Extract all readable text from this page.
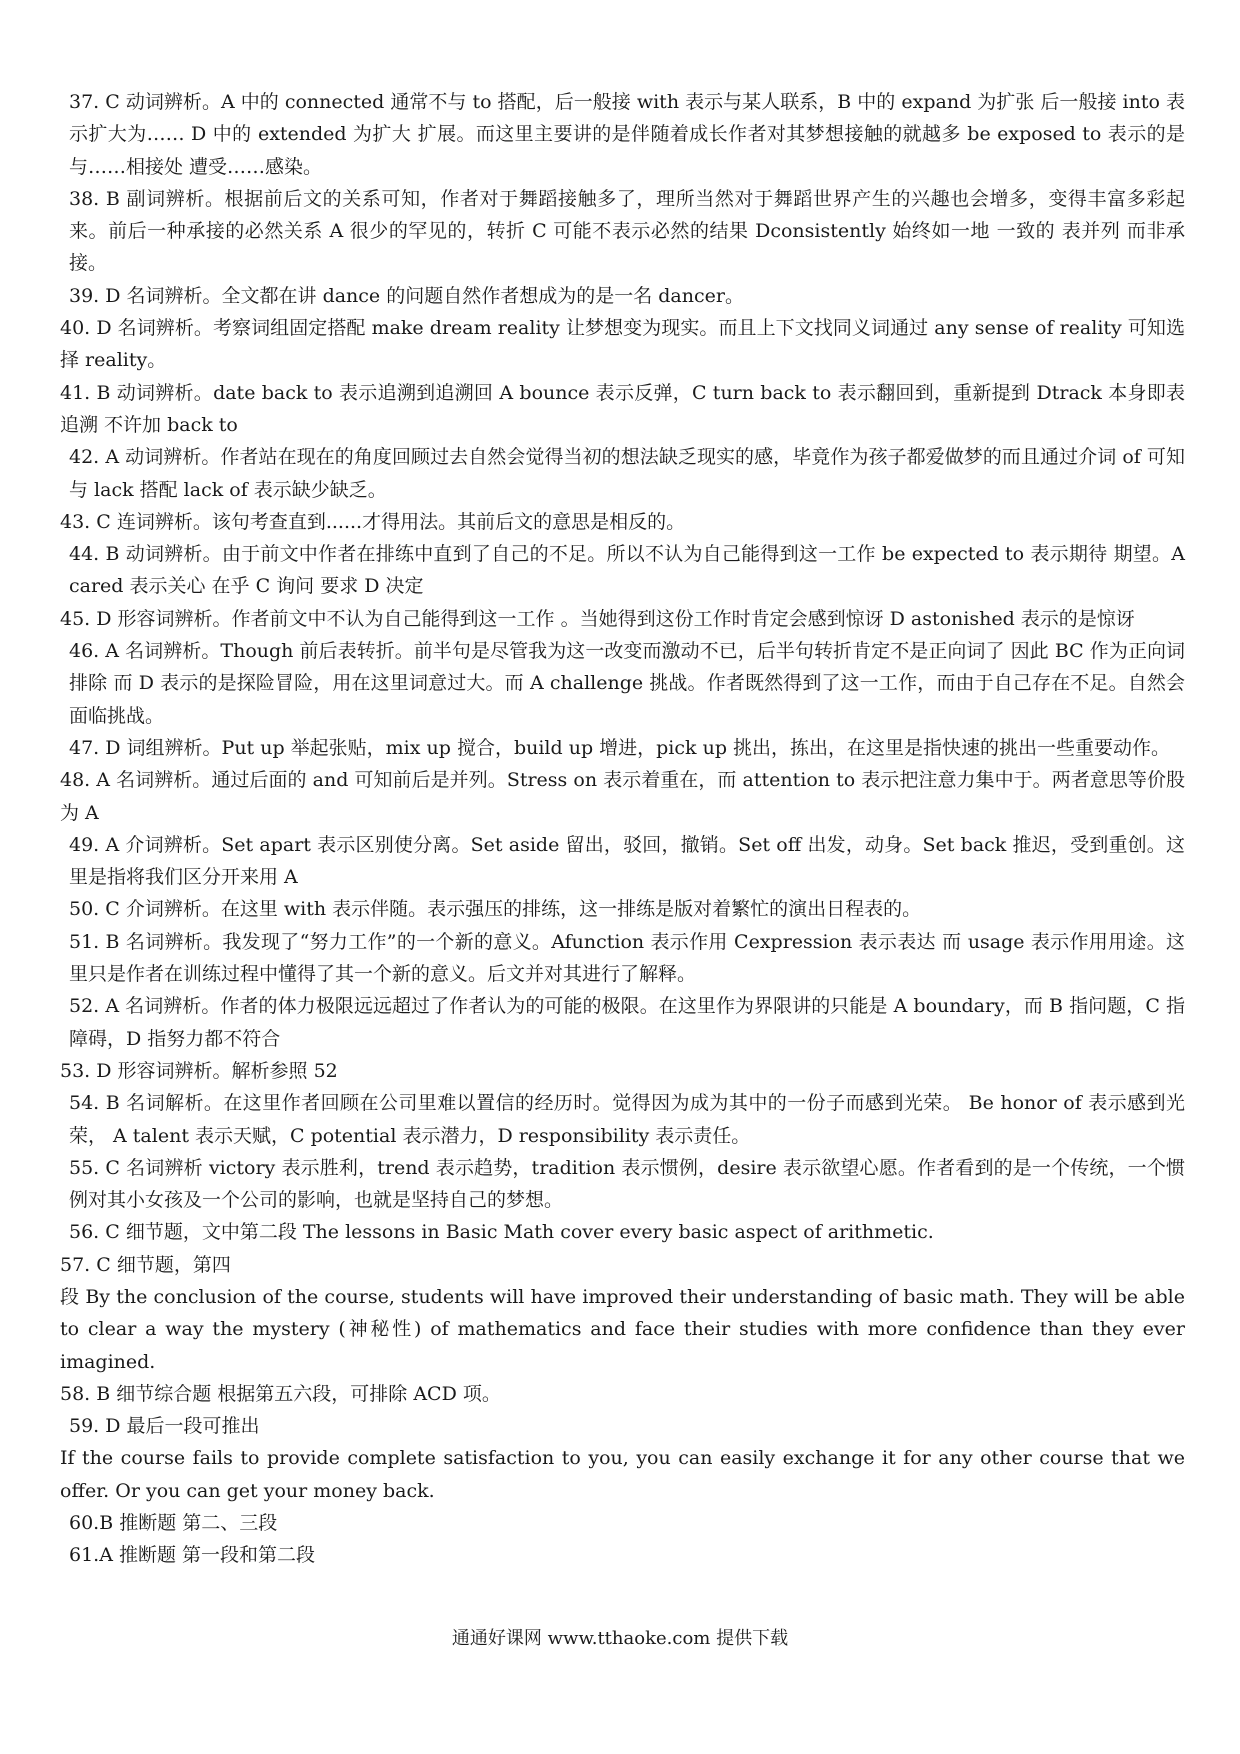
37. C 动词辨析。A 中的 connected 通常不与 to 搭配，后一般接 with 表示与某人联系，B 中的 expand 为扩张 后一般接 into 表示扩大为…… D 中的 extended 为扩大 扩展。而这里主要讲的是伴随着成长作者对其梦想接触的就越多 be exposed to 表示的是与……相接处 遭受……感染。

38. B 副词辨析。根据前后文的关系可知，作者对于舞蹈接触多了，理所当然对于舞蹈世界产生的兴趣也会增多，变得丰富多彩起来。前后一种承接的必然关系 A 很少的罕见的，转折 C 可能不表示必然的结果 Dconsistently 始终如一地 一致的 表并列 而非承接。

39. D 名词辨析。全文都在讲 dance 的问题自然作者想成为的是一名 dancer。

40. D 名词辨析。考察词组固定搭配 make dream reality 让梦想变为现实。而且上下文找同义词通过 any sense of reality 可知选择 reality。

41. B 动词辨析。date back to 表示追溯到追溯回 A bounce 表示反弹，C turn back to 表示翻回到，重新提到 Dtrack 本身即表追溯 不许加 back to

42. A 动词辨析。作者站在现在的角度回顾过去自然会觉得当初的想法缺乏现实的感，毕竟作为孩子都爱做梦的而且通过介词 of 可知与 lack 搭配 lack of 表示缺少缺乏。

43. C 连词辨析。该句考查直到......才得用法。其前后文的意思是相反的。

44. B 动词辨析。由于前文中作者在排练中直到了自己的不足。所以不认为自己能得到这一工作 be expected to 表示期待 期望。A cared 表示关心 在乎 C 询问 要求 D 决定

45. D 形容词辨析。作者前文中不认为自己能得到这一工作 。当她得到这份工作时肯定会感到惊讶 D astonished 表示的是惊讶

46. A 名词辨析。Though 前后表转折。前半句是尽管我为这一改变而激动不已，后半句转折肯定不是正向词了 因此 BC 作为正向词排除 而 D 表示的是探险冒险，用在这里词意过大。而 A challenge 挑战。作者既然得到了这一工作，而由于自己存在不足。自然会面临挑战。

47. D 词组辨析。Put up 举起张贴，mix up 搅合，build up 增进，pick up 挑出，拣出，在这里是指快速的挑出一些重要动作。

48. A 名词辨析。通过后面的 and 可知前后是并列。Stress on 表示着重在，而 attention to 表示把注意力集中于。两者意思等价股为 A

49. A 介词辨析。Set apart 表示区别使分离。Set aside 留出，驳回，撤销。Set off 出发，动身。Set back 推迟，受到重创。这里是指将我们区分开来用 A

50. C 介词辨析。在这里 with 表示伴随。表示强压的排练，这一排练是版对着繁忙的演出日程表的。

51. B 名词辨析。我发现了“努力工作”的一个新的意义。Afunction 表示作用 Cexpression 表示表达 而 usage 表示作用用途。这里只是作者在训练过程中懂得了其一个新的意义。后文并对其进行了解释。

52. A 名词辨析。作者的体力极限远远超过了作者认为的可能的极限。在这里作为界限讲的只能是 A boundary，而 B 指问题，C 指障碍，D 指努力都不符合

53. D 形容词辨析。解析参照 52

54. B 名词解析。在这里作者回顾在公司里难以置信的经历时。觉得因为成为其中的一份子而感到光荣。 Be honor of 表示感到光荣， A talent 表示天赋，C potential 表示潜力，D responsibility 表示责任。

55. C 名词辨析 victory 表示胜利，trend 表示趋势，tradition 表示惯例，desire 表示欲望心愿。作者看到的是一个传统，一个惯例对其小女孩及一个公司的影响，也就是坚持自己的梦想。

56. C 细节题，文中第二段 The lessons in Basic Math cover every basic aspect of arithmetic.

57. C 细节题，第四

段 By the conclusion of the course, students will have improved their understanding of basic math. They will be able to clear a way the mystery (神秘性) of mathematics and face their studies with more confidence than they ever imagined.

58. B 细节综合题 根据第五六段，可排除 ACD 项。

59. D 最后一段可推出

If the course fails to provide complete satisfaction to you, you can easily exchange it for any other course that we offer. Or you can get your money back.

60.B 推断题 第二、三段

61.A 推断题 第一段和第二段

通通好课网 www.tthaoke.com 提供下载
